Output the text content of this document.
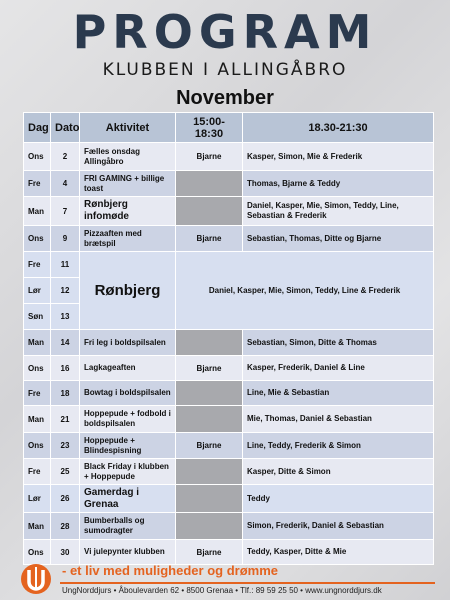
PROGRAM
KLUBBEN I ALLINGÅBRO
November
Dag	Dato	Aktivitet	15:00-18:30	18.30-21:30
Ons	2	Fælles onsdag Allingåbro	Bjarne	Kasper, Simon, Mie & Frederik
Fre	4	FRI GAMING + billige toast		Thomas, Bjarne & Teddy
Man	7	Rønbjerg infomøde		Daniel, Kasper, Mie, Simon, Teddy, Line, Sebastian & Frederik
Ons	9	Pizzaaften med brætspil	Bjarne	Sebastian, Thomas, Ditte og Bjarne
Fre	11	Rønbjerg	Daniel, Kasper, Mie, Simon, Teddy, Line & Frederik	
Lør	12			
Søn	13			
Man	14	Fri leg i boldspilsalen		Sebastian, Simon, Ditte & Thomas
Ons	16	Lagkageaften	Bjarne	Kasper, Frederik, Daniel & Line
Fre	18	Bowtag i boldspilsalen		Line, Mie & Sebastian
Man	21	Hoppepude + fodbold i boldspilsalen		Mie, Thomas, Daniel & Sebastian
Ons	23	Hoppepude + Blindespisning	Bjarne	Line, Teddy, Frederik & Simon
Fre	25	Black Friday i klubben + Hoppepude		Kasper, Ditte & Simon
Lør	26	Gamerdag i Grenaa		Teddy
Man	28	Bumberballs og sumodragter		Simon, Frederik, Daniel & Sebastian
Ons	30	Vi julepynter klubben	Bjarne	Teddy, Kasper, Ditte & Mie
- et liv med muligheder og drømme
UngNorddjurs • Åboulevarden 62 • 8500 Grenaa • Tlf.: 89 59 25 50 • www.ungnorddjurs.dk
